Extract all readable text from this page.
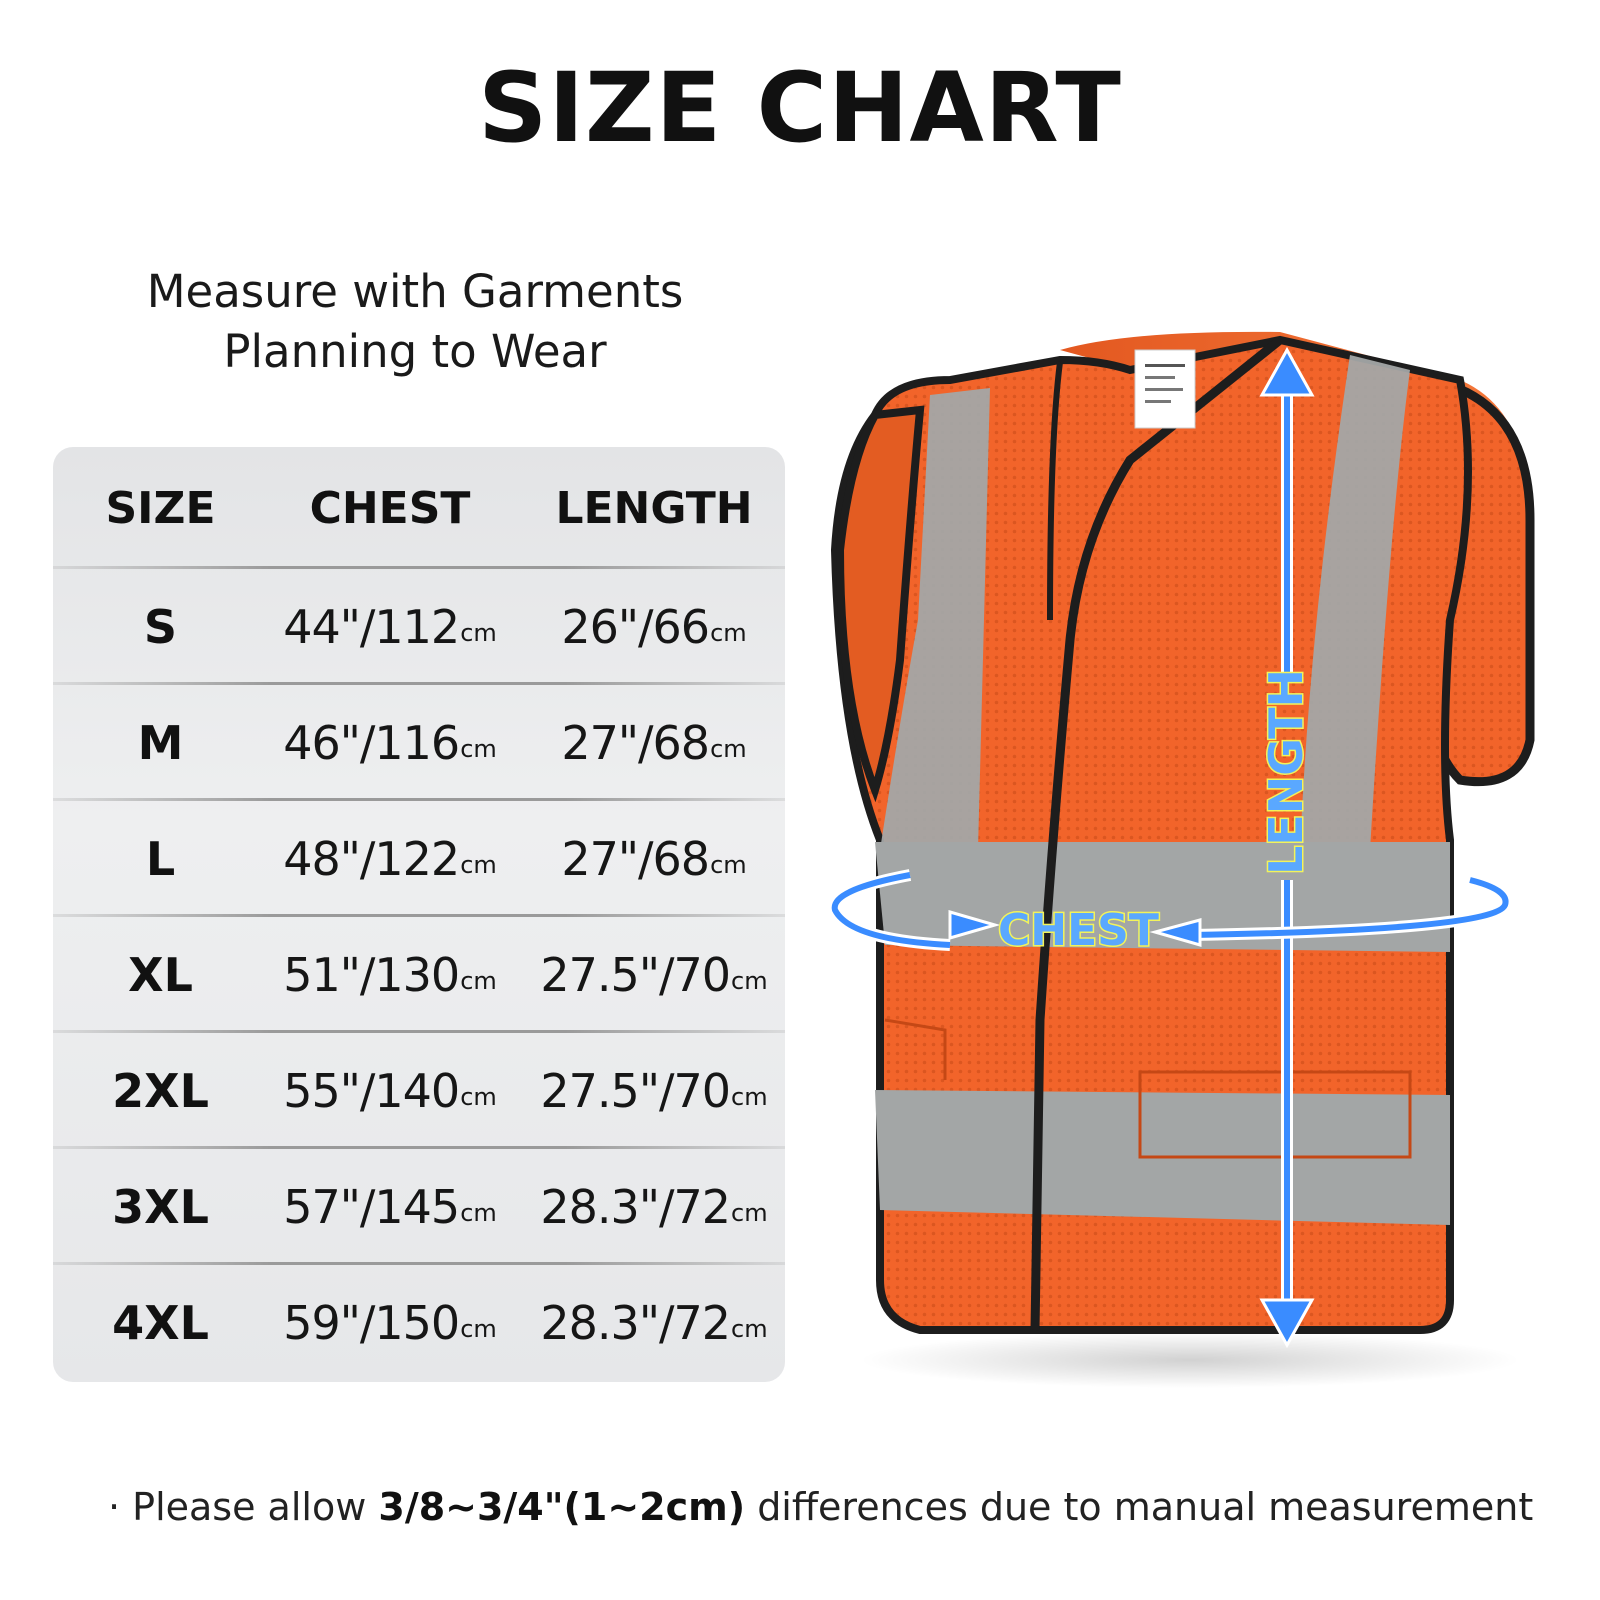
SIZE CHART
Measure with Garments
Planning to Wear
SIZE	CHEST	LENGTH
S	44"/112 cm 26"/66 cm
M	46"/116 cm 27"/68 cm
L	48"/122 cm 27"/68 cm
XL	51"/130 cm 27.5"/70 cm
2XL	55"/140 cm 27.5"/70 cm
3XL	57"/145 cm 28.3"/72 cm
4XL	59"/150 cm 28.3"/72 cm
LENGTH
CHEST
· Please allow 3/8~3/4"(1~2cm) differences due to manual measurement
